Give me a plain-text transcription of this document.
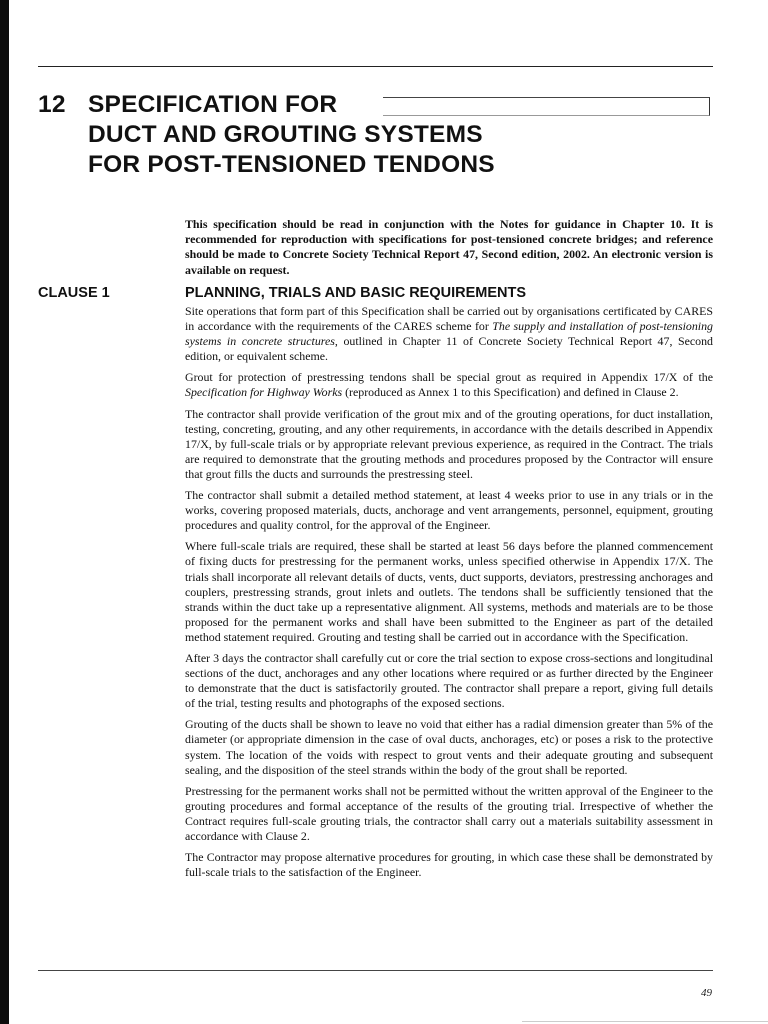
12 SPECIFICATION FOR
DUCT AND GROUTING SYSTEMS
FOR POST-TENSIONED TENDONS

This specification should be read in conjunction with the Notes for guidance in Chapter 10. It is recommended for reproduction with specifications for post-tensioned concrete bridges; and reference should be made to Concrete Society Technical Report 47, Second edition, 2002. An electronic version is available on request.

CLAUSE 1	PLANNING, TRIALS AND BASIC REQUIREMENTS

Site operations that form part of this Specification shall be carried out by organisations certificated by CARES in accordance with the requirements of the CARES scheme for The supply and installation of post-tensioning systems in concrete structures, outlined in Chapter 11 of Concrete Society Technical Report 47, Second edition, or equivalent scheme.

Grout for protection of prestressing tendons shall be special grout as required in Appendix 17/X of the Specification for Highway Works (reproduced as Annex 1 to this Specification) and defined in Clause 2.

The contractor shall provide verification of the grout mix and of the grouting operations, for duct installation, testing, concreting, grouting, and any other requirements, in accordance with the details described in Appendix 17/X, by full-scale trials or by appropriate relevant previous experience, as required in the Contract. The trials are required to demonstrate that the grouting methods and procedures proposed by the Contractor will ensure that grout fills the ducts and surrounds the prestressing steel.

The contractor shall submit a detailed method statement, at least 4 weeks prior to use in any trials or in the works, covering proposed materials, ducts, anchorage and vent arrangements, personnel, equipment, grouting procedures and quality control, for the approval of the Engineer.

Where full-scale trials are required, these shall be started at least 56 days before the planned commencement of fixing ducts for prestressing for the permanent works, unless specified otherwise in Appendix 17/X. The trials shall incorporate all relevant details of ducts, vents, duct supports, deviators, prestressing anchorages and couplers, prestressing strands, grout inlets and outlets. The tendons shall be sufficiently tensioned that the strands within the duct take up a representative alignment. All systems, methods and materials are to be those proposed for the permanent works and shall have been submitted to the Engineer as part of the detailed method statement required. Grouting and testing shall be carried out in accordance with the Specification.

After 3 days the contractor shall carefully cut or core the trial section to expose cross-sections and longitudinal sections of the duct, anchorages and any other locations where required or as further directed by the Engineer to demonstrate that the duct is satisfactorily grouted. The contractor shall prepare a report, giving full details of the trial, testing results and photographs of the exposed sections.

Grouting of the ducts shall be shown to leave no void that either has a radial dimension greater than 5% of the diameter (or appropriate dimension in the case of oval ducts, anchorages, etc) or poses a risk to the protective system. The location of the voids with respect to grout vents and their adequate grouting and subsequent sealing, and the disposition of the steel strands within the body of the grout shall be reported.

Prestressing for the permanent works shall not be permitted without the written approval of the Engineer to the grouting procedures and formal acceptance of the results of the grouting trial. Irrespective of whether the Contract requires full-scale grouting trials, the contractor shall carry out a materials suitability assessment in accordance with Clause 2.

The Contractor may propose alternative procedures for grouting, in which case these shall be demonstrated by full-scale trials to the satisfaction of the Engineer.

49
